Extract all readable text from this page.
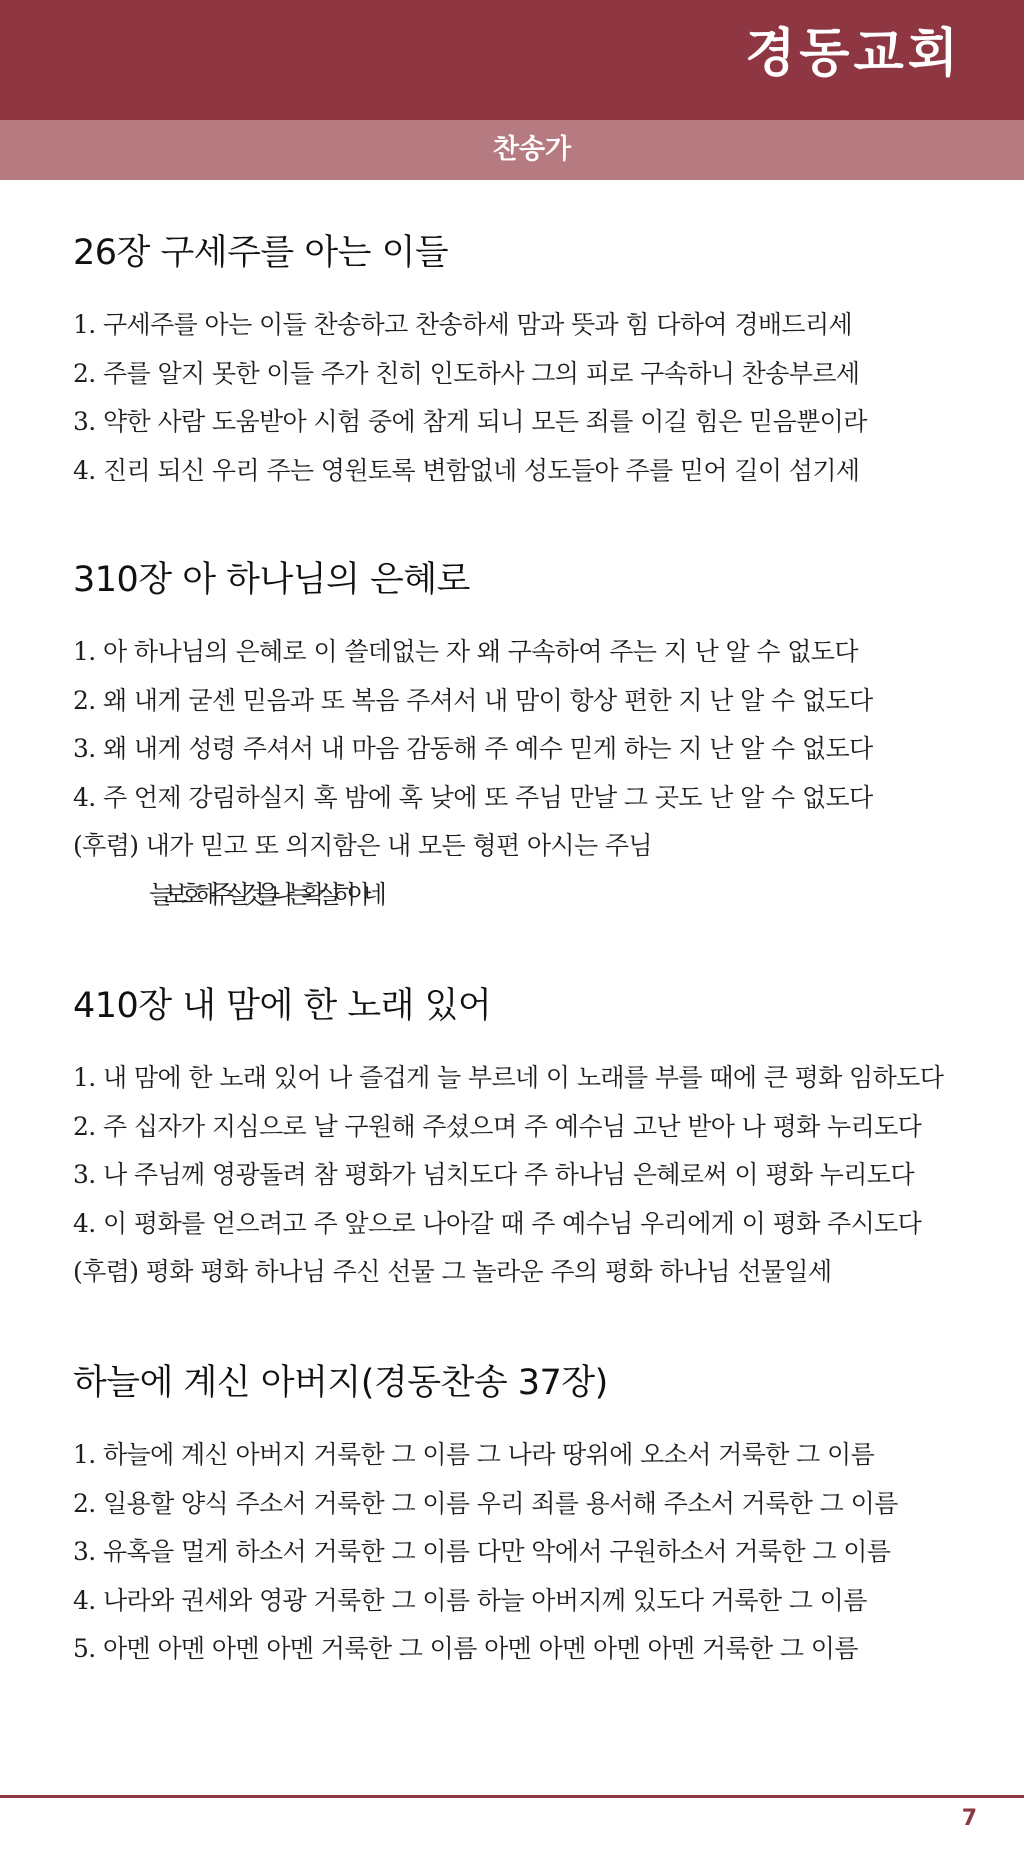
경동교회
찬송가
26장 구세주를 아는 이들
1. 구세주를 아는 이들 찬송하고 찬송하세 맘과 뜻과 힘 다하여 경배드리세
2. 주를 알지 못한 이들 주가 친히 인도하사 그의 피로 구속하니 찬송부르세
3. 약한 사람 도움받아 시험 중에 참게 되니 모든 죄를 이길 힘은 믿음뿐이라
4. 진리 되신 우리 주는 영원토록 변함없네 성도들아 주를 믿어 길이 섬기세
310장 아 하나님의 은혜로
1. 아 하나님의 은혜로 이 쓸데없는 자 왜 구속하여 주는 지 난 알 수 없도다
2. 왜 내게 굳센 믿음과 또 복음 주셔서 내 맘이 항상 편한 지 난 알 수 없도다
3. 왜 내게 성령 주셔서 내 마음 감동해 주 예수 믿게 하는 지 난 알 수 없도다
4. 주 언제 강림하실지 혹 밤에 혹 낮에 또 주님 만날 그 곳도 난 알 수 없도다
(후렴) 내가 믿고 또 의지함은 내 모든 형편 아시는 주님
늘 보호해 주실 것을 나는 확실히 아네
410장 내 맘에 한 노래 있어
1. 내 맘에 한 노래 있어 나 즐겁게 늘 부르네 이 노래를 부를 때에 큰 평화 임하도다
2. 주 십자가 지심으로 날 구원해 주셨으며 주 예수님 고난 받아 나 평화 누리도다
3. 나 주님께 영광돌려 참 평화가 넘치도다 주 하나님 은혜로써 이 평화 누리도다
4. 이 평화를 얻으려고 주 앞으로 나아갈 때 주 예수님 우리에게 이 평화 주시도다
(후렴) 평화 평화 하나님 주신 선물 그 놀라운 주의 평화 하나님 선물일세
하늘에 계신 아버지(경동찬송 37장)
1. 하늘에 계신 아버지 거룩한 그 이름 그 나라 땅위에 오소서 거룩한 그 이름
2. 일용할 양식 주소서 거룩한 그 이름 우리 죄를 용서해 주소서 거룩한 그 이름
3. 유혹을 멀게 하소서 거룩한 그 이름 다만 악에서 구원하소서 거룩한 그 이름
4. 나라와 권세와 영광 거룩한 그 이름 하늘 아버지께 있도다 거룩한 그 이름
5. 아멘 아멘 아멘 아멘 거룩한 그 이름 아멘 아멘 아멘 아멘 거룩한 그 이름
7
